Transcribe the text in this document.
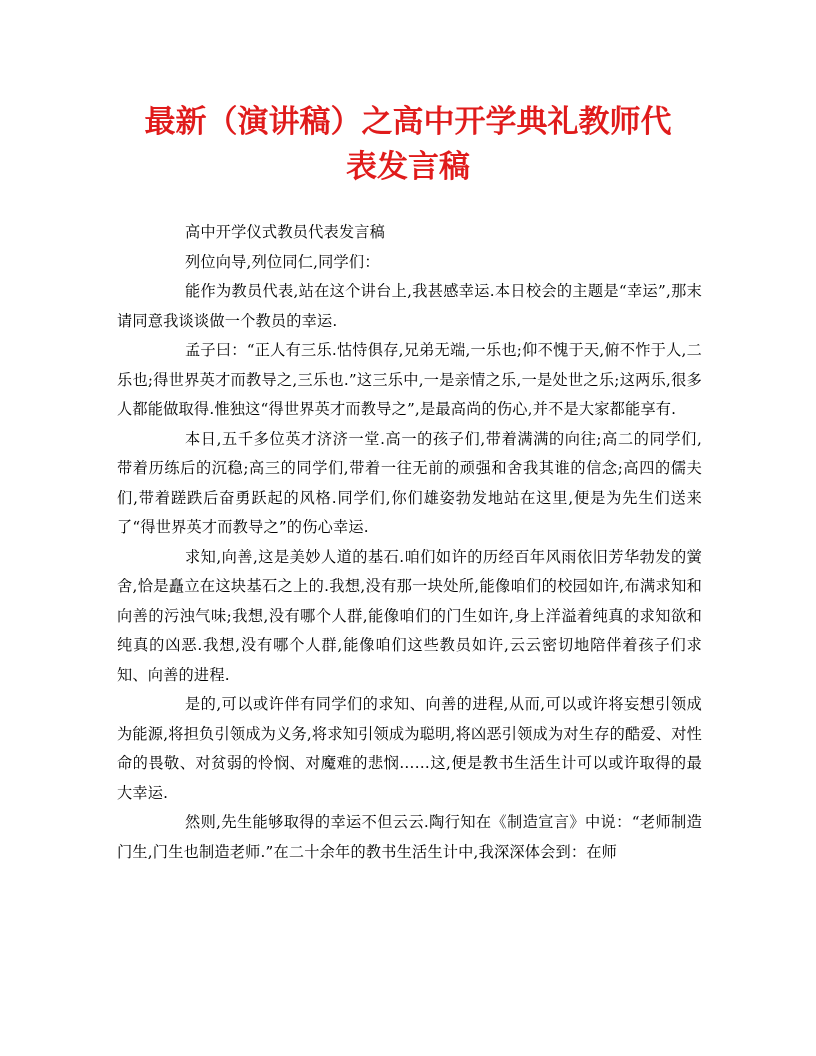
最新（演讲稿）之高中开学典礼教师代
表发言稿

高中开学仪式教员代表发言稿

列位向导,列位同仁,同学们：

能作为教员代表,站在这个讲台上,我甚感幸运.本日校会的主题是“幸运”,那末请同意我谈谈做一个教员的幸运.

孟子曰：“正人有三乐.怙恃俱存,兄弟无端,一乐也;仰不愧于天,俯不怍于人,二乐也;得世界英才而教导之,三乐也.”这三乐中,一是亲情之乐,一是处世之乐;这两乐,很多人都能做取得.惟独这“得世界英才而教导之”,是最高尚的伤心,并不是大家都能享有.

本日,五千多位英才济济一堂.高一的孩子们,带着满满的向往;高二的同学们,带着历练后的沉稳;高三的同学们,带着一往无前的顽强和舍我其谁的信念;高四的儒夫们,带着蹉跌后奋勇跃起的风格.同学们,你们雄姿勃发地站在这里,便是为先生们送来了“得世界英才而教导之”的伤心幸运.

求知,向善,这是美妙人道的基石.咱们如许的历经百年风雨依旧芳华勃发的黉舍,恰是矗立在这块基石之上的.我想,没有那一块处所,能像咱们的校园如许,布满求知和向善的污浊气味;我想,没有哪个人群,能像咱们的门生如许,身上洋溢着纯真的求知欲和纯真的凶恶.我想,没有哪个人群,能像咱们这些教员如许,云云密切地陪伴着孩子们求知、向善的进程.

是的,可以或许伴有同学们的求知、向善的进程,从而,可以或许将妄想引领成为能源,将担负引领成为义务,将求知引领成为聪明,将凶恶引领成为对生存的酷爱、对性命的畏敬、对贫弱的怜悯、对魔难的悲悯……这,便是教书生活生计可以或许取得的最大幸运.

然则,先生能够取得的幸运不但云云.陶行知在《制造宣言》中说：“老师制造门生,门生也制造老师.”在二十余年的教书生活生计中,我深深体会到：在师
